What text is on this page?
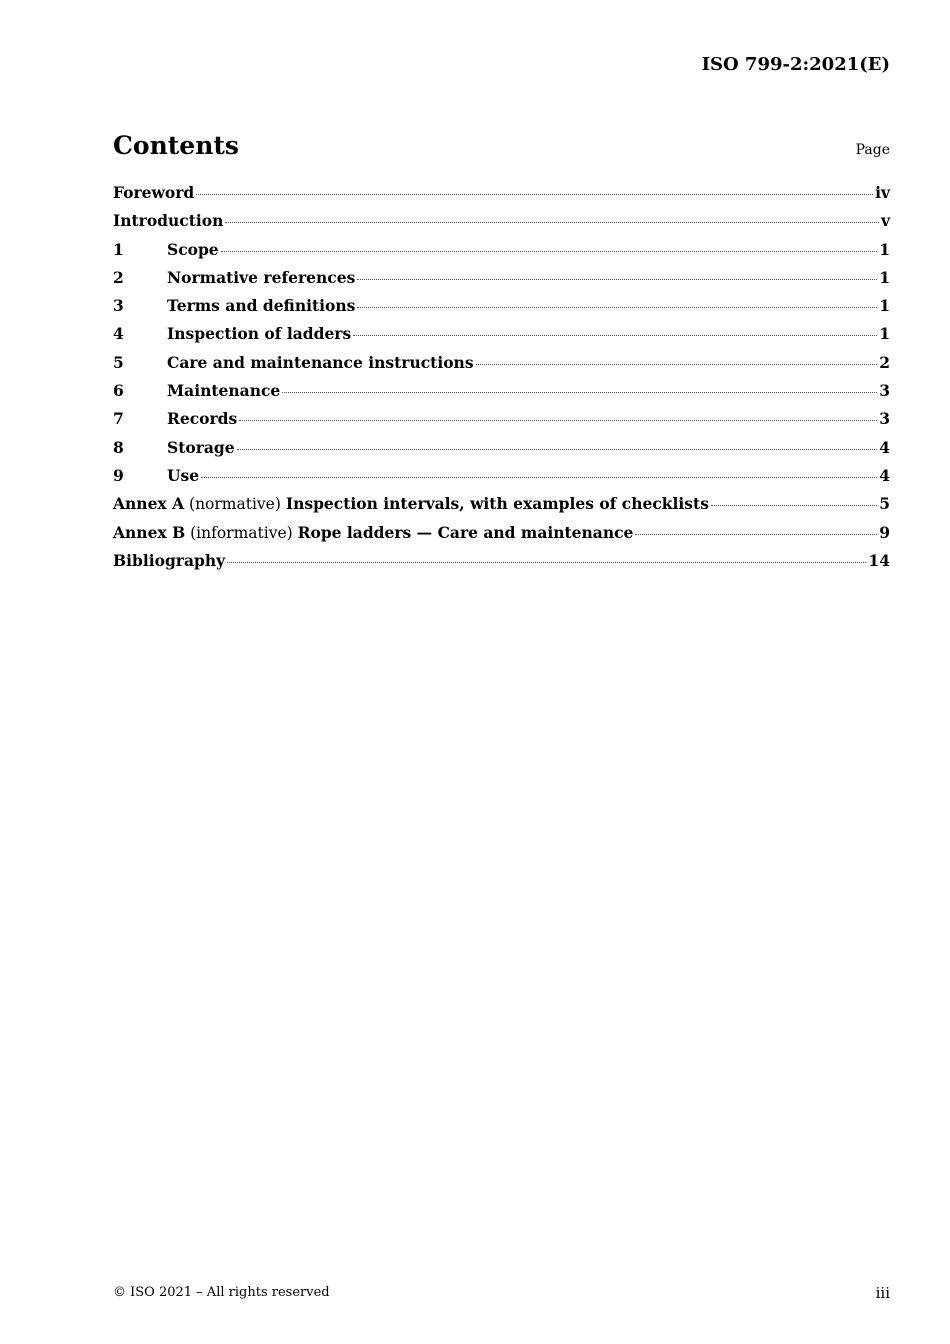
ISO 799-2:2021(E)
Contents	Page
Foreword	iv
Introduction	v
1	Scope	1
2	Normative references	1
3	Terms and definitions	1
4	Inspection of ladders	1
5	Care and maintenance instructions	2
6	Maintenance	3
7	Records	3
8	Storage	4
9	Use	4
Annex A (normative) Inspection intervals, with examples of checklists	5
Annex B (informative) Rope ladders — Care and maintenance	9
Bibliography	14
© ISO 2021 – All rights reserved	iii
